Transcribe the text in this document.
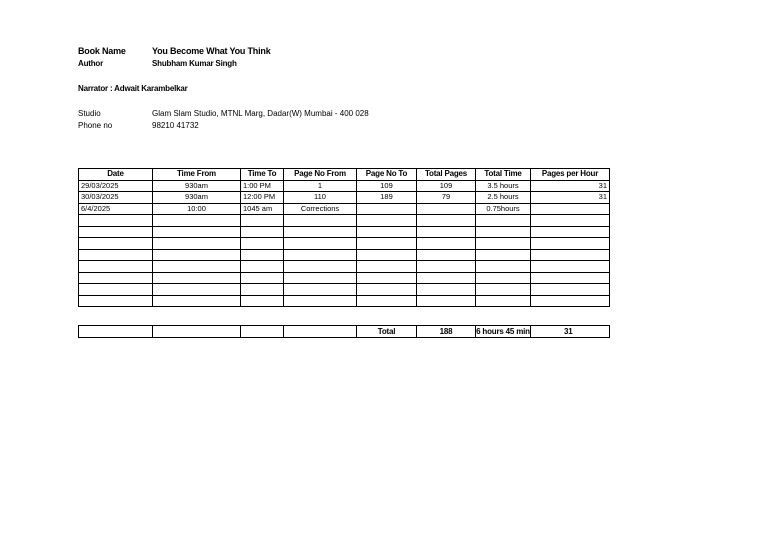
Book Name	You Become What You Think
Author	Shubham Kumar Singh
Narrator : Adwait Karambelkar
Studio	Glam Slam Studio, MTNL Marg, Dadar(W) Mumbai - 400 028
Phone no	98210 41732
Date	Time From	Time To	Page No From	Page No To	Total Pages	Total Time	Pages per Hour
29/03/2025	930am	1:00 PM	1	109	109	3.5 hours	31
30/03/2025	930am	12:00 PM	110	189	79	2.5 hours	31
6/4/2025	10:00	1045 am	Corrections			0.75hours	

				Total	188	6 hours 45 min	31
